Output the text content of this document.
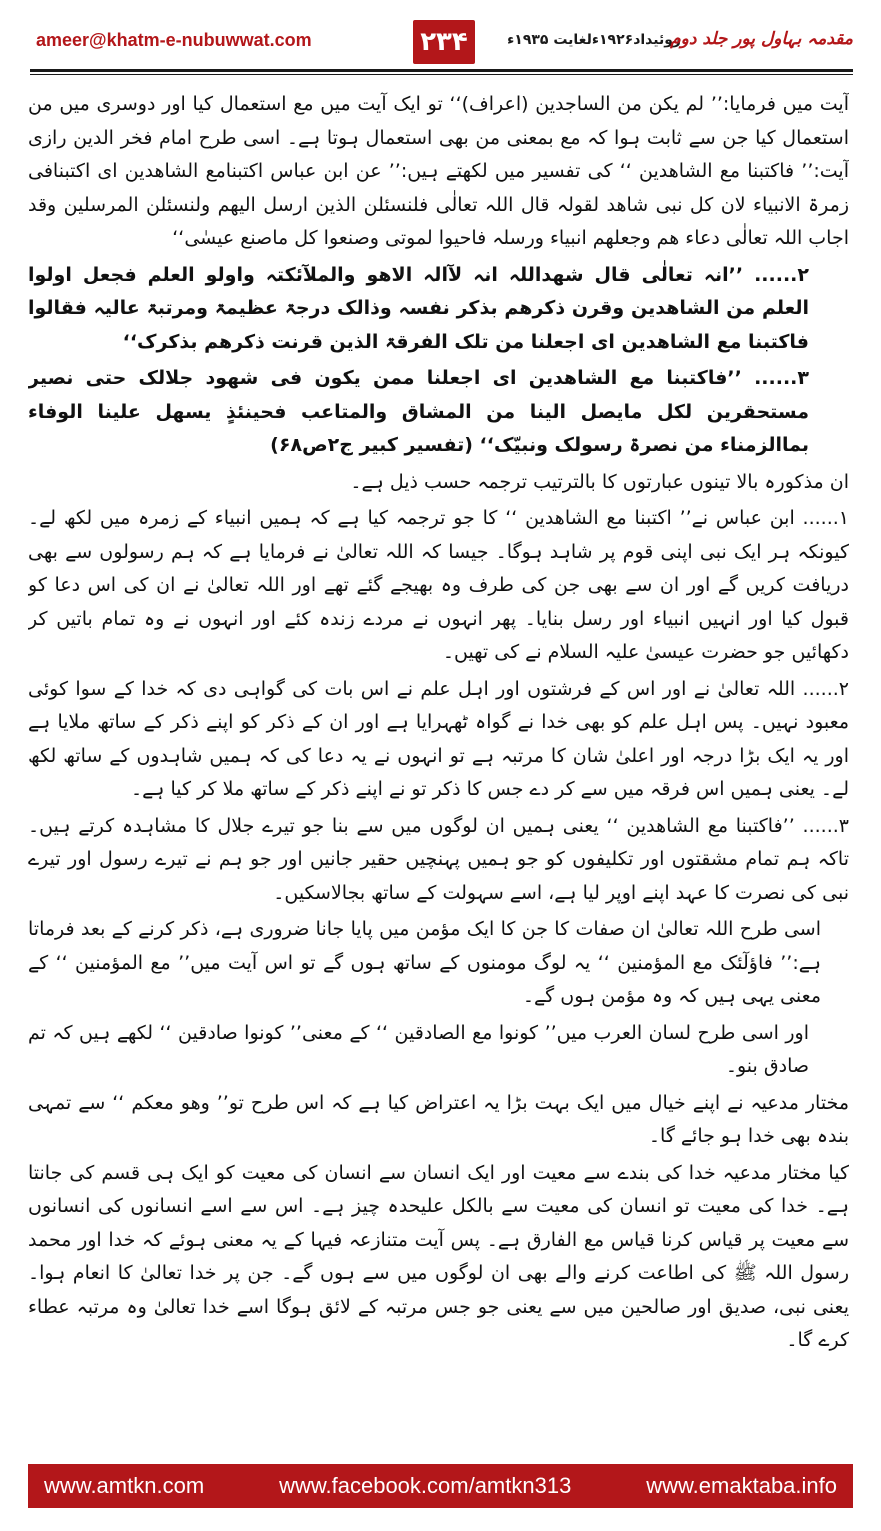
ameer@khatm-e-nubuwwat.com	۲۳۴	روئیداد۱۹۲۶ءلغایت ۱۹۳۵ء
مقدمہ بہاول پور جلد دوم

آیت میں فرمایا:’’ لم یکن من الساجدین (اعراف)‘‘ تو ایک آیت میں مع استعمال کیا اور دوسری میں من استعمال کیا جن سے ثابت ہوا کہ مع بمعنی من بھی استعمال ہوتا ہے۔ اسی طرح امام فخر الدین رازی آیت:’’ فاکتبنا مع الشاھدین ‘‘ کی تفسیر میں لکھتے ہیں:’’ عن ابن عباس اکتبنامع الشاھدین ای اکتبنافی زمرۃ الانبیاء لان کل نبی شاھد لقولہ قال اللہ تعالٰی فلنسئلن الذین ارسل الیھم ولنسئلن المرسلین وقد اجاب اللہ تعالٰی دعاء ھم وجعلھم انبیاء ورسلہ فاحیوا لموتی وصنعوا کل ماصنع عیسٰی‘‘

۲...... ’’انہ تعالٰی قال شھداللہ انہ لآالہ الاھو والملآئکتہ واولو العلم فجعل اولوا العلم من الشاھدین وقرن ذکرھم بذکر نفسہ وذالک درجۃ عظیمۃ ومرتبۃ عالیہ فقالوا فاکتبنا مع الشاھدین ای اجعلنا من تلک الفرقۃ الذین قرنت ذکرھم بذکرک‘‘

۳...... ’’فاکتبنا مع الشاھدین ای اجعلنا ممن یکون فی شھود جلالک حتی نصیر مستحقرین لکل مایصل الینا من المشاق والمتاعب فحینئذٍ یسھل علینا الوفاء بماالزمناء من نصرۃ رسولک ونبیّک‘‘ (تفسیر کبیر ج۲ص۶۸)

ان مذکورہ بالا تینوں عبارتوں کا بالترتیب ترجمہ حسب ذیل ہے۔

۱...... ابن عباس نے’’ اکتبنا مع الشاھدین ‘‘ کا جو ترجمہ کیا ہے کہ ہمیں انبیاء کے زمرہ میں لکھ لے۔ کیونکہ ہر ایک نبی اپنی قوم پر شاہد ہوگا۔ جیسا کہ اللہ تعالیٰ نے فرمایا ہے کہ ہم رسولوں سے بھی دریافت کریں گے اور ان سے بھی جن کی طرف وہ بھیجے گئے تھے اور اللہ تعالیٰ نے ان کی اس دعا کو قبول کیا اور انہیں انبیاء اور رسل بنایا۔ پھر انہوں نے مردے زندہ کئے اور انہوں نے وہ تمام باتیں کر دکھائیں جو حضرت عیسیٰ علیہ السلام نے کی تھیں۔

۲...... اللہ تعالیٰ نے اور اس کے فرشتوں اور اہل علم نے اس بات کی گواہی دی کہ خدا کے سوا کوئی معبود نہیں۔ پس اہل علم کو بھی خدا نے گواہ ٹھہرایا ہے اور ان کے ذکر کو اپنے ذکر کے ساتھ ملایا ہے اور یہ ایک بڑا درجہ اور اعلیٰ شان کا مرتبہ ہے تو انہوں نے یہ دعا کی کہ ہمیں شاہدوں کے ساتھ لکھ لے۔ یعنی ہمیں اس فرقہ میں سے کر دے جس کا ذکر تو نے اپنے ذکر کے ساتھ ملا کر کیا ہے۔

۳...... ’’فاکتبنا مع الشاھدین ‘‘ یعنی ہمیں ان لوگوں میں سے بنا جو تیرے جلال کا مشاہدہ کرتے ہیں۔ تاکہ ہم تمام مشقتوں اور تکلیفوں کو جو ہمیں پہنچیں حقیر جانیں اور جو ہم نے تیرے رسول اور تیرے نبی کی نصرت کا عہد اپنے اوپر لیا ہے، اسے سہولت کے ساتھ بجالاسکیں۔

اسی طرح اللہ تعالیٰ ان صفات کا جن کا ایک مؤمن میں پایا جانا ضروری ہے، ذکر کرنے کے بعد فرماتا ہے:’’ فاؤلٓئک مع المؤمنین ‘‘ یہ لوگ مومنوں کے ساتھ ہوں گے تو اس آیت میں’’ مع المؤمنین ‘‘ کے معنی یہی ہیں کہ وہ مؤمن ہوں گے۔

اور اسی طرح لسان العرب میں’’ کونوا مع الصادقین ‘‘ کے معنی’’ کونوا صادقین ‘‘ لکھے ہیں کہ تم صادق بنو۔

مختار مدعیہ نے اپنے خیال میں ایک بہت بڑا یہ اعتراض کیا ہے کہ اس طرح تو’’ وھو معکم ‘‘ سے تمہی بندہ بھی خدا ہو جائے گا۔

کیا مختار مدعیہ خدا کی بندے سے معیت اور ایک انسان سے انسان کی معیت کو ایک ہی قسم کی جانتا ہے۔ خدا کی معیت تو انسان کی معیت سے بالکل علیحدہ چیز ہے۔ اس سے اسے انسانوں کی انسانوں سے معیت پر قیاس کرنا قیاس مع الفارق ہے۔ پس آیت متنازعہ فیہا کے یہ معنی ہوئے کہ خدا اور محمد رسول اللہ ﷺ کی اطاعت کرنے والے بھی ان لوگوں میں سے ہوں گے۔ جن پر خدا تعالیٰ کا انعام ہوا۔ یعنی نبی، صدیق اور صالحین میں سے یعنی جو جس مرتبہ کے لائق ہوگا اسے خدا تعالیٰ وہ مرتبہ عطاء کرے گا۔

www.amtkn.com	www.facebook.com/amtkn313	www.emaktaba.info
